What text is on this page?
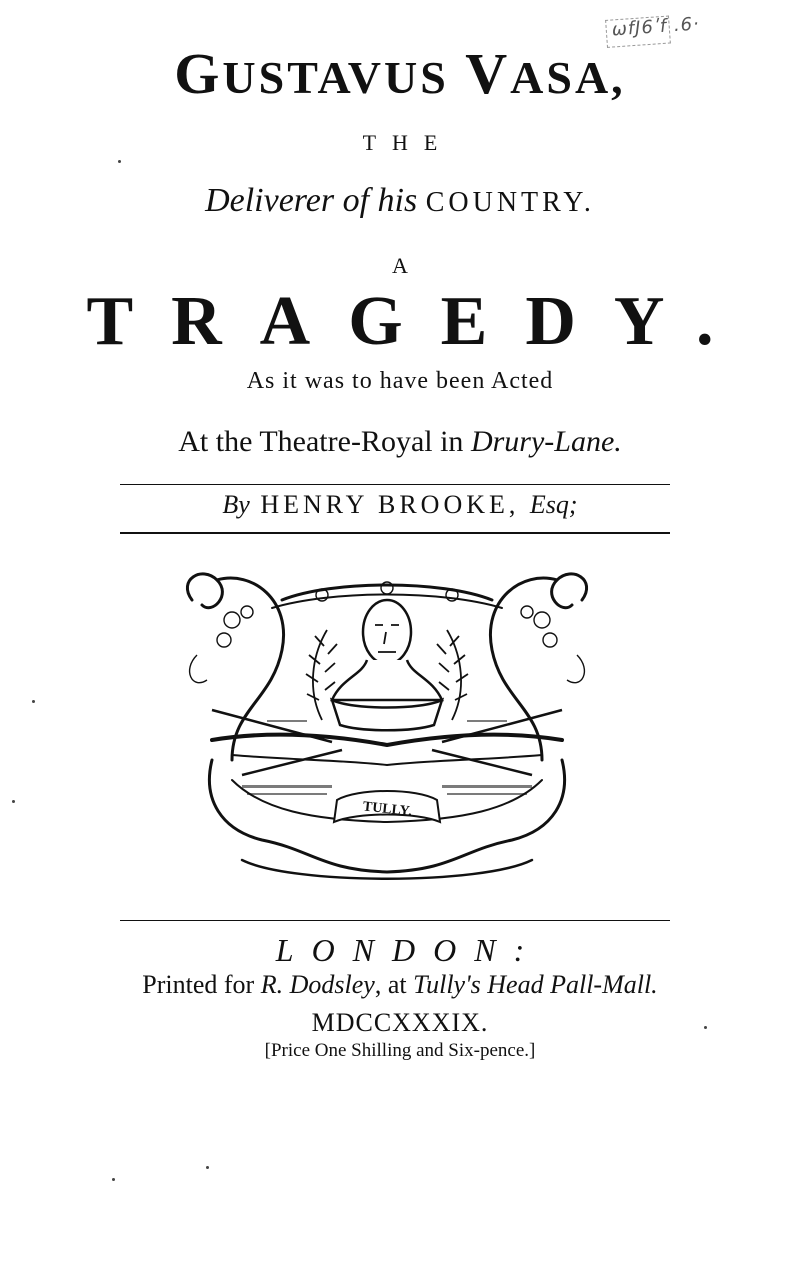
ωfJ6ʹf .6·
GUSTAVUS VASA,
THE
Deliverer of his COUNTRY.
A
TRAGEDY.
As it was to have been Acted
At the Theatre-Royal in Drury-Lane.
By HENRY BROOKE, Esq;
TULLY.
LONDON:
Printed for R. Dodsley, at Tully's Head Pall-Mall.
MDCCXXXIX.
[Price One Shilling and Six-pence.]
